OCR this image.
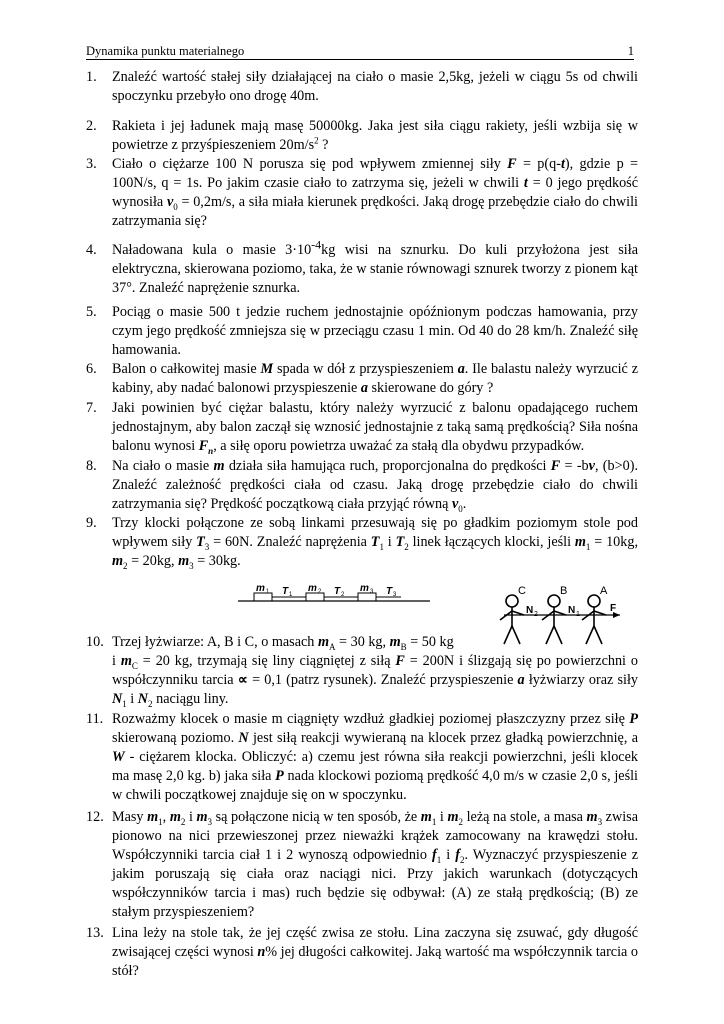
Dynamika punktu materialnego	1
1. Znaleźć wartość stałej siły działającej na ciało o masie 2,5kg, jeżeli w ciągu 5s od chwili spoczynku przebyło ono drogę 40m.
2. Rakieta i jej ładunek mają masę 50000kg. Jaka jest siła ciągu rakiety, jeśli wzbija się w powietrze z przyśpieszeniem $20m/s^2$ ?
3. Ciało o ciężarze 100 N porusza się pod wpływem zmiennej siły F = p(q-t), gdzie p = 100N/s, q = 1s. Po jakim czasie ciało to zatrzyma się, jeżeli w chwili t = 0 jego prędkość wynosiła $v_0 = 0,2m/s$, a siła miała kierunek prędkości. Jaką drogę przebędzie ciało do chwili zatrzymania się?
4. Naładowana kula o masie $3\cdot 10^{-4}kg$ wisi na sznurku. Do kuli przyłożona jest siła elektryczna, skierowana poziomo, taka, że w stanie równowagi sznurek tworzy z pionem kąt 37°. Znaleźć naprężenie sznurka.
5. Pociąg o masie 500 t jedzie ruchem jednostajnie opóźnionym podczas hamowania, przy czym jego prędkość zmniejsza się w przeciągu czasu 1 min. Od 40 do 28 km/h. Znaleźć siłę hamowania.
6. Balon o całkowitej masie M spada w dół z przyspieszeniem a. Ile balastu należy wyrzucić z kabiny, aby nadać balonowi przyspieszenie a skierowane do góry ?
7. Jaki powinien być ciężar balastu, który należy wyrzucić z balonu opadającego ruchem jednostajnym, aby balon zaczął się wznosić jednostajnie z taką samą prędkością? Siła nośna balonu wynosi $F_n$, a siłę oporu powietrza uważać za stałą dla obydwu przypadków.
8. Na ciało o masie m działa siła hamująca ruch, proporcjonalna do prędkości F = -bv, (b>0). Znaleźć zależność prędkości ciała od czasu. Jaką drogę przebędzie ciało do chwili zatrzymania się? Prędkość początkową ciała przyjąć równą $v_0$.
9. Trzy klocki połączone ze sobą linkami przesuwają się po gładkim poziomym stole pod wpływem siły $T_3 = 60N$. Znaleźć naprężenia $T_1$ i $T_2$ linek łączących klocki, jeśli $m_1 = 10kg$, $m_2 = 20kg$, $m_3 = 30kg$.
m 1 T 1
m 2 T 2
m 3 T 3	C	B	A
N 2	N 1
F
10. Trzej łyżwiarze: A, B i C, o masach $m_A = 30$ kg, $m_B = 50$ kg
i $m_C = 20$ kg, trzymają się liny ciągniętej z siłą F = 200N i ślizgają się po powierzchni o współczynniku tarcia ∝ = 0,1 (patrz rysunek). Znaleźć przyspieszenie a łyżwiarzy oraz siły $N_1$ i $N_2$ naciągu liny.
11. Rozważmy klocek o masie m ciągnięty wzdłuż gładkiej poziomej płaszczyzny przez siłę P skierowaną poziomo. N jest siłą reakcji wywieraną na klocek przez gładką powierzchnię, a W - ciężarem klocka. Obliczyć: a) czemu jest równa siła reakcji powierzchni, jeśli klocek ma masę 2,0 kg. b) jaka siła P nada klockowi poziomą prędkość 4,0 m/s w czasie 2,0 s, jeśli w chwili początkowej znajduje się on w spoczynku.
12. Masy $m_1$, $m_2$ i $m_3$ są połączone nicią w ten sposób, że $m_1$ i $m_2$ leżą na stole, a masa $m_3$ zwisa pionowo na nici przewieszonej przez nieważki krążek zamocowany na krawędzi stołu. Współczynniki tarcia ciał 1 i 2 wynoszą odpowiednio $f_1$ i $f_2$. Wyznaczyć przyspieszenie z jakim poruszają się ciała oraz naciągi nici. Przy jakich warunkach (dotyczących współczynników tarcia i mas) ruch będzie się odbywał: (A) ze stałą prędkością; (B) ze stałym przyspieszeniem?
13. Lina leży na stole tak, że jej część zwisa ze stołu. Lina zaczyna się zsuwać, gdy długość zwisającej części wynosi n% jej długości całkowitej. Jaką wartość ma współczynnik tarcia o stół?
